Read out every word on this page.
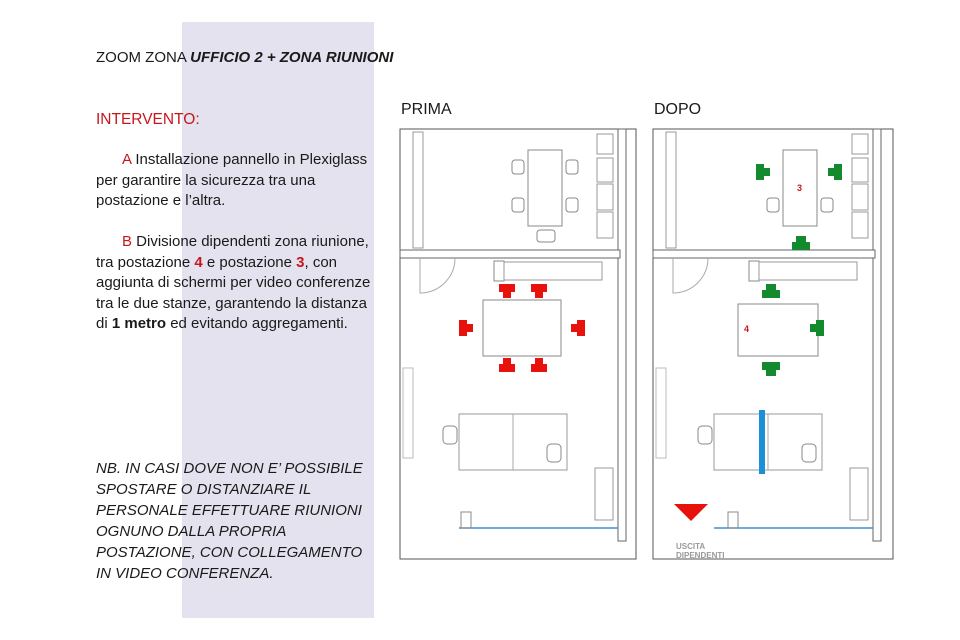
ZOOM ZONA UFFICIO 2 + ZONA RIUNIONI
INTERVENTO:
A Installazione pannello in Plexiglass per garantire la sicurezza tra una postazione e l’altra.
B Divisione dipendenti zona riunione, tra postazione 4 e postazione 3, con aggiunta di schermi per video conferenze tra le due stanze, garantendo la distanza di 1 metro ed evitando aggregamenti.
NB. IN CASI DOVE NON E’ POSSIBILE SPOSTARE O DISTANZIARE IL PERSONALE EFFETTUARE RIUNIONI OGNUNO DALLA PROPRIA POSTAZIONE, CON COLLEGAMENTO IN VIDEO CONFERENZA.
PRIMA	DOPO
3
4
USCITA
DIPENDENTI
